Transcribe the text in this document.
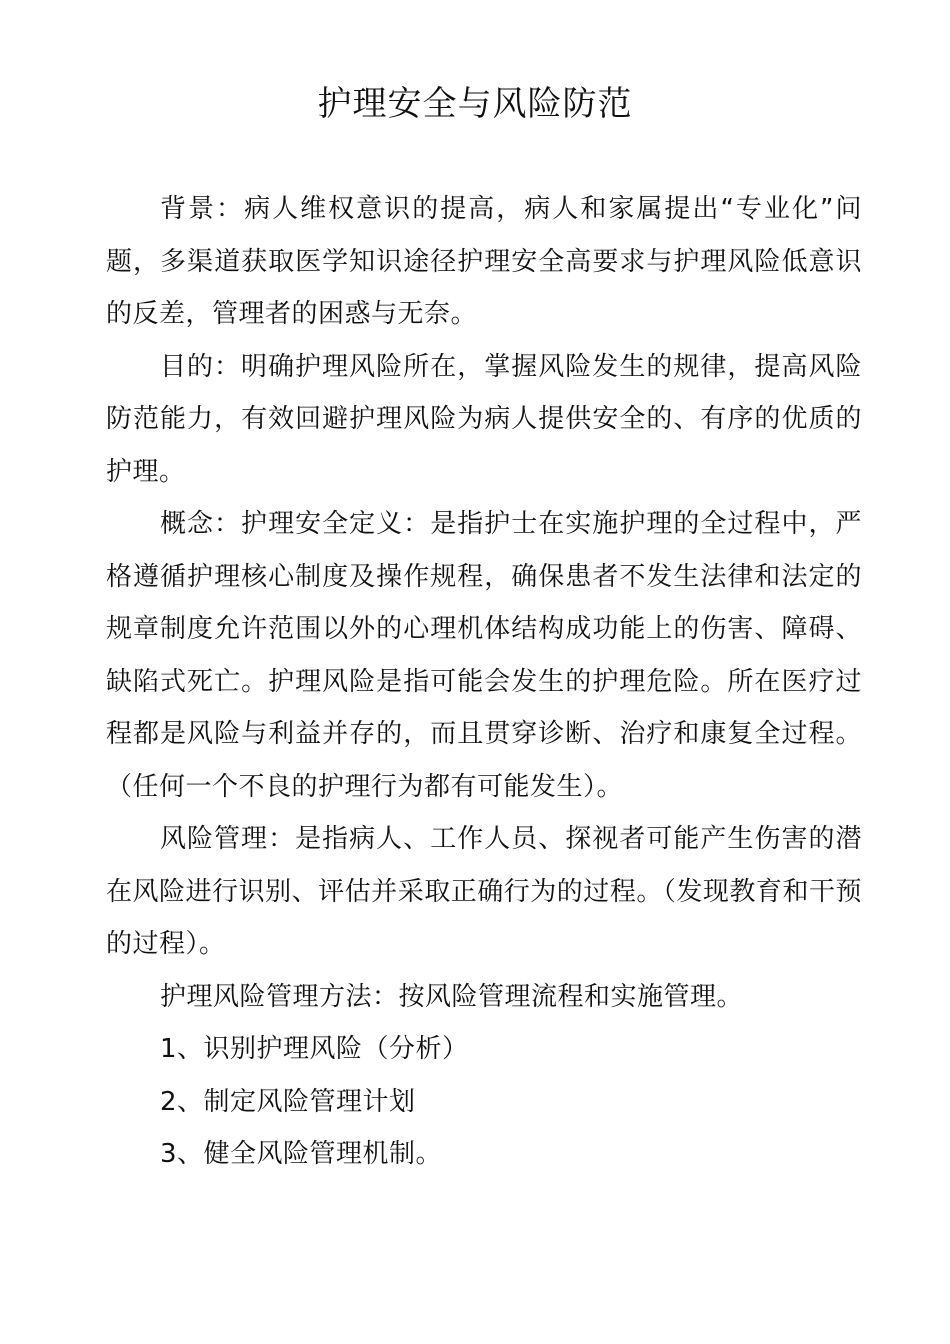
护理安全与风险防范

背景：病人维权意识的提高，病人和家属提出“专业化”问题，多渠道获取医学知识途径护理安全高要求与护理风险低意识的反差，管理者的困惑与无奈。

目的：明确护理风险所在，掌握风险发生的规律，提高风险防范能力，有效回避护理风险为病人提供安全的、有序的优质的护理。

概念：护理安全定义：是指护士在实施护理的全过程中，严格遵循护理核心制度及操作规程，确保患者不发生法律和法定的规章制度允许范围以外的心理机体结构成功能上的伤害、障碍、缺陷式死亡。护理风险是指可能会发生的护理危险。所在医疗过程都是风险与利益并存的，而且贯穿诊断、治疗和康复全过程。（任何一个不良的护理行为都有可能发生）。

风险管理：是指病人、工作人员、探视者可能产生伤害的潜在风险进行识别、评估并采取正确行为的过程。（发现教育和干预的过程）。

护理风险管理方法：按风险管理流程和实施管理。

1、识别护理风险（分析）

2、制定风险管理计划

3、健全风险管理机制。
